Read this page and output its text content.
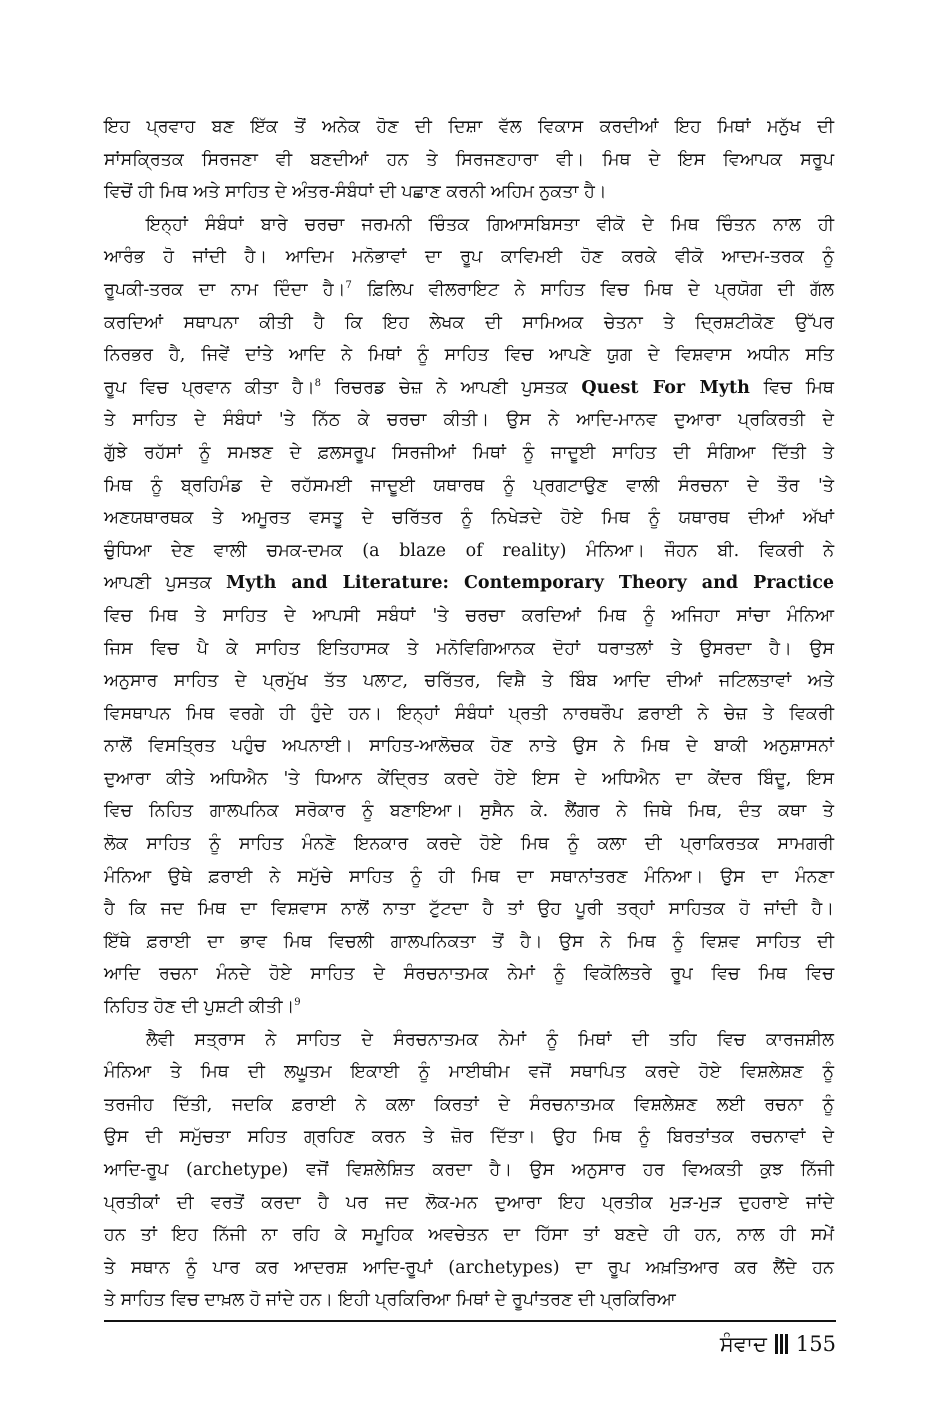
ਇਹ ਪ੍ਰਵਾਹ ਬਣ ਇੱਕ ਤੋਂ ਅਨੇਕ ਹੋਣ ਦੀ ਦਿਸ਼ਾ ਵੱਲ ਵਿਕਾਸ ਕਰਦੀਆਂ ਇਹ ਮਿਥਾਂ ਮਨੁੱਖ ਦੀ
ਸਾਂਸਕ੍ਰਿਤਕ ਸਿਰਜਣਾ ਵੀ ਬਣਦੀਆਂ ਹਨ ਤੇ ਸਿਰਜਣਹਾਰਾ ਵੀ। ਮਿਥ ਦੇ ਇਸ ਵਿਆਪਕ ਸਰੂਪ
ਵਿਚੋਂ ਹੀ ਮਿਥ ਅਤੇ ਸਾਹਿਤ ਦੇ ਅੰਤਰ-ਸੰਬੰਧਾਂ ਦੀ ਪਛਾਣ ਕਰਨੀ ਅਹਿਮ ਨੁਕਤਾ ਹੈ।

ਇਨ੍ਹਾਂ ਸੰਬੰਧਾਂ ਬਾਰੇ ਚਰਚਾ ਜਰਮਨੀ ਚਿੰਤਕ ਗਿਆਸਬਿਸਤਾ ਵੀਕੋ ਦੇ ਮਿਥ ਚਿੰਤਨ ਨਾਲ ਹੀ
ਆਰੰਭ ਹੋ ਜਾਂਦੀ ਹੈ। ਆਦਿਮ ਮਨੋਭਾਵਾਂ ਦਾ ਰੂਪ ਕਾਵਿਮਈ ਹੋਣ ਕਰਕੇ ਵੀਕੋ ਆਦਮ-ਤਰਕ ਨੂੰ
ਰੂਪਕੀ-ਤਰਕ ਦਾ ਨਾਮ ਦਿੰਦਾ ਹੈ।$^7$ ਫ਼ਿਲਿਪ ਵੀਲਰਾਇਟ ਨੇ ਸਾਹਿਤ ਵਿਚ ਮਿਥ ਦੇ ਪ੍ਰਯੋਗ ਦੀ ਗੱਲ
ਕਰਦਿਆਂ ਸਥਾਪਨਾ ਕੀਤੀ ਹੈ ਕਿ ਇਹ ਲੇਖਕ ਦੀ ਸਾਮਿਅਕ ਚੇਤਨਾ ਤੇ ਦ੍ਰਿਸ਼ਟੀਕੋਣ ਉੱਪਰ
ਨਿਰਭਰ ਹੈ, ਜਿਵੇਂ ਦਾਂਤੇ ਆਦਿ ਨੇ ਮਿਥਾਂ ਨੂੰ ਸਾਹਿਤ ਵਿਚ ਆਪਣੇ ਯੁਗ ਦੇ ਵਿਸ਼ਵਾਸ ਅਧੀਨ ਸਤਿ
ਰੂਪ ਵਿਚ ਪ੍ਰਵਾਨ ਕੀਤਾ ਹੈ।$^8$ ਰਿਚਰਡ ਚੇਜ਼ ਨੇ ਆਪਣੀ ਪੁਸਤਕ Quest For Myth ਵਿਚ ਮਿਥ
ਤੇ ਸਾਹਿਤ ਦੇ ਸੰਬੰਧਾਂ 'ਤੇ ਨਿੱਠ ਕੇ ਚਰਚਾ ਕੀਤੀ। ਉਸ ਨੇ ਆਦਿ-ਮਾਨਵ ਦੁਆਰਾ ਪ੍ਰਕਿਰਤੀ ਦੇ
ਗੁੱਝੇ ਰਹੱਸਾਂ ਨੂੰ ਸਮਝਣ ਦੇ ਫ਼ਲਸਰੂਪ ਸਿਰਜੀਆਂ ਮਿਥਾਂ ਨੂੰ ਜਾਦੂਈ ਸਾਹਿਤ ਦੀ ਸੰਗਿਆ ਦਿੱਤੀ ਤੇ
ਮਿਥ ਨੂੰ ਬ੍ਰਹਿਮੰਡ ਦੇ ਰਹੱਸਮਈ ਜਾਦੂਈ ਯਥਾਰਥ ਨੂੰ ਪ੍ਰਗਟਾਉਣ ਵਾਲੀ ਸੰਰਚਨਾ ਦੇ ਤੌਰ 'ਤੇ
ਅਣਯਥਾਰਥਕ ਤੇ ਅਮੂਰਤ ਵਸਤੂ ਦੇ ਚਰਿੱਤਰ ਨੂੰ ਨਿਖੇੜਦੇ ਹੋਏ ਮਿਥ ਨੂੰ ਯਥਾਰਥ ਦੀਆਂ ਅੱਖਾਂ
ਚੁੰਧਿਆ ਦੇਣ ਵਾਲੀ ਚਮਕ-ਦਮਕ (a blaze of reality) ਮੰਨਿਆ। ਜੌਹਨ ਬੀ. ਵਿਕਰੀ ਨੇ
ਆਪਣੀ ਪੁਸਤਕ Myth and Literature: Contemporary Theory and Practice
ਵਿਚ ਮਿਥ ਤੇ ਸਾਹਿਤ ਦੇ ਆਪਸੀ ਸਬੰਧਾਂ 'ਤੇ ਚਰਚਾ ਕਰਦਿਆਂ ਮਿਥ ਨੂੰ ਅਜਿਹਾ ਸਾਂਚਾ ਮੰਨਿਆ
ਜਿਸ ਵਿਚ ਪੈ ਕੇ ਸਾਹਿਤ ਇਤਿਹਾਸਕ ਤੇ ਮਨੋਵਿਗਿਆਨਕ ਦੋਹਾਂ ਧਰਾਤਲਾਂ ਤੇ ਉਸਰਦਾ ਹੈ। ਉਸ
ਅਨੁਸਾਰ ਸਾਹਿਤ ਦੇ ਪ੍ਰਮੁੱਖ ਤੱਤ ਪਲਾਟ, ਚਰਿੱਤਰ, ਵਿਸ਼ੈ ਤੇ ਬਿੰਬ ਆਦਿ ਦੀਆਂ ਜਟਿਲਤਾਵਾਂ ਅਤੇ
ਵਿਸਥਾਪਨ ਮਿਥ ਵਰਗੇ ਹੀ ਹੁੰਦੇ ਹਨ। ਇਨ੍ਹਾਂ ਸੰਬੰਧਾਂ ਪ੍ਰਤੀ ਨਾਰਥਰੌਪ ਫ਼ਰਾਈ ਨੇ ਚੇਜ਼ ਤੇ ਵਿਕਰੀ
ਨਾਲੋਂ ਵਿਸਤ੍ਰਿਤ ਪਹੁੰਚ ਅਪਨਾਈ। ਸਾਹਿਤ-ਆਲੋਚਕ ਹੋਣ ਨਾਤੇ ਉਸ ਨੇ ਮਿਥ ਦੇ ਬਾਕੀ ਅਨੁਸ਼ਾਸਨਾਂ
ਦੁਆਰਾ ਕੀਤੇ ਅਧਿਐਨ 'ਤੇ ਧਿਆਨ ਕੇਂਦ੍ਰਿਤ ਕਰਦੇ ਹੋਏ ਇਸ ਦੇ ਅਧਿਐਨ ਦਾ ਕੇਂਦਰ ਬਿੰਦੂ, ਇਸ
ਵਿਚ ਨਿਹਿਤ ਗਾਲਪਨਿਕ ਸਰੋਕਾਰ ਨੂੰ ਬਣਾਇਆ। ਸੁਸੈਨ ਕੇ. ਲੈਂਗਰ ਨੇ ਜਿਥੇ ਮਿਥ, ਦੰਤ ਕਥਾ ਤੇ
ਲੋਕ ਸਾਹਿਤ ਨੂੰ ਸਾਹਿਤ ਮੰਨਣੋ ਇਨਕਾਰ ਕਰਦੇ ਹੋਏ ਮਿਥ ਨੂੰ ਕਲਾ ਦੀ ਪ੍ਰਾਕਿਰਤਕ ਸਾਮਗਰੀ
ਮੰਨਿਆ ਉਥੇ ਫ਼ਰਾਈ ਨੇ ਸਮੁੱਚੇ ਸਾਹਿਤ ਨੂੰ ਹੀ ਮਿਥ ਦਾ ਸਥਾਨਾਂਤਰਣ ਮੰਨਿਆ। ਉਸ ਦਾ ਮੰਨਣਾ
ਹੈ ਕਿ ਜਦ ਮਿਥ ਦਾ ਵਿਸ਼ਵਾਸ ਨਾਲੋਂ ਨਾਤਾ ਟੁੱਟਦਾ ਹੈ ਤਾਂ ਉਹ ਪੂਰੀ ਤਰ੍ਹਾਂ ਸਾਹਿਤਕ ਹੋ ਜਾਂਦੀ ਹੈ।
ਇੱਥੇ ਫ਼ਰਾਈ ਦਾ ਭਾਵ ਮਿਥ ਵਿਚਲੀ ਗਾਲਪਨਿਕਤਾ ਤੋਂ ਹੈ। ਉਸ ਨੇ ਮਿਥ ਨੂੰ ਵਿਸ਼ਵ ਸਾਹਿਤ ਦੀ
ਆਦਿ ਰਚਨਾ ਮੰਨਦੇ ਹੋਏ ਸਾਹਿਤ ਦੇ ਸੰਰਚਨਾਤਮਕ ਨੇਮਾਂ ਨੂੰ ਵਿਕੋਲਿਤਰੇ ਰੂਪ ਵਿਚ ਮਿਥ ਵਿਚ
ਨਿਹਿਤ ਹੋਣ ਦੀ ਪੁਸ਼ਟੀ ਕੀਤੀ।$^9$

ਲੈਵੀ ਸਤ੍ਰਾਸ ਨੇ ਸਾਹਿਤ ਦੇ ਸੰਰਚਨਾਤਮਕ ਨੇਮਾਂ ਨੂੰ ਮਿਥਾਂ ਦੀ ਤਹਿ ਵਿਚ ਕਾਰਜਸ਼ੀਲ
ਮੰਨਿਆ ਤੇ ਮਿਥ ਦੀ ਲਘੂਤਮ ਇਕਾਈ ਨੂੰ ਮਾਈਥੀਮ ਵਜੋਂ ਸਥਾਪਿਤ ਕਰਦੇ ਹੋਏ ਵਿਸ਼ਲੇਸ਼ਣ ਨੂੰ
ਤਰਜੀਹ ਦਿੱਤੀ, ਜਦਕਿ ਫ਼ਰਾਈ ਨੇ ਕਲਾ ਕਿਰਤਾਂ ਦੇ ਸੰਰਚਨਾਤਮਕ ਵਿਸ਼ਲੇਸ਼ਣ ਲਈ ਰਚਨਾ ਨੂੰ
ਉਸ ਦੀ ਸਮੁੱਚਤਾ ਸਹਿਤ ਗ੍ਰਹਿਣ ਕਰਨ ਤੇ ਜ਼ੋਰ ਦਿੱਤਾ। ਉਹ ਮਿਥ ਨੂੰ ਬਿਰਤਾਂਤਕ ਰਚਨਾਵਾਂ ਦੇ
ਆਦਿ-ਰੂਪ (archetype) ਵਜੋਂ ਵਿਸ਼ਲੇਸ਼ਿਤ ਕਰਦਾ ਹੈ। ਉਸ ਅਨੁਸਾਰ ਹਰ ਵਿਅਕਤੀ ਕੁਝ ਨਿੱਜੀ
ਪ੍ਰਤੀਕਾਂ ਦੀ ਵਰਤੋਂ ਕਰਦਾ ਹੈ ਪਰ ਜਦ ਲੋਕ-ਮਨ ਦੁਆਰਾ ਇਹ ਪ੍ਰਤੀਕ ਮੁੜ-ਮੁੜ ਦੁਹਰਾਏ ਜਾਂਦੇ
ਹਨ ਤਾਂ ਇਹ ਨਿੱਜੀ ਨਾ ਰਹਿ ਕੇ ਸਮੂਹਿਕ ਅਵਚੇਤਨ ਦਾ ਹਿੱਸਾ ਤਾਂ ਬਣਦੇ ਹੀ ਹਨ, ਨਾਲ ਹੀ ਸਮੇਂ
ਤੇ ਸਥਾਨ ਨੂੰ ਪਾਰ ਕਰ ਆਦਰਸ਼ ਆਦਿ-ਰੂਪਾਂ (archetypes) ਦਾ ਰੂਪ ਅਖ਼ਤਿਆਰ ਕਰ ਲੈਂਦੇ ਹਨ
ਤੇ ਸਾਹਿਤ ਵਿਚ ਦਾਖ਼ਲ ਹੋ ਜਾਂਦੇ ਹਨ। ਇਹੀ ਪ੍ਰਕਿਰਿਆ ਮਿਥਾਂ ਦੇ ਰੂਪਾਂਤਰਣ ਦੀ ਪ੍ਰਕਿਰਿਆ

ਸੰਵਾਦ 155
